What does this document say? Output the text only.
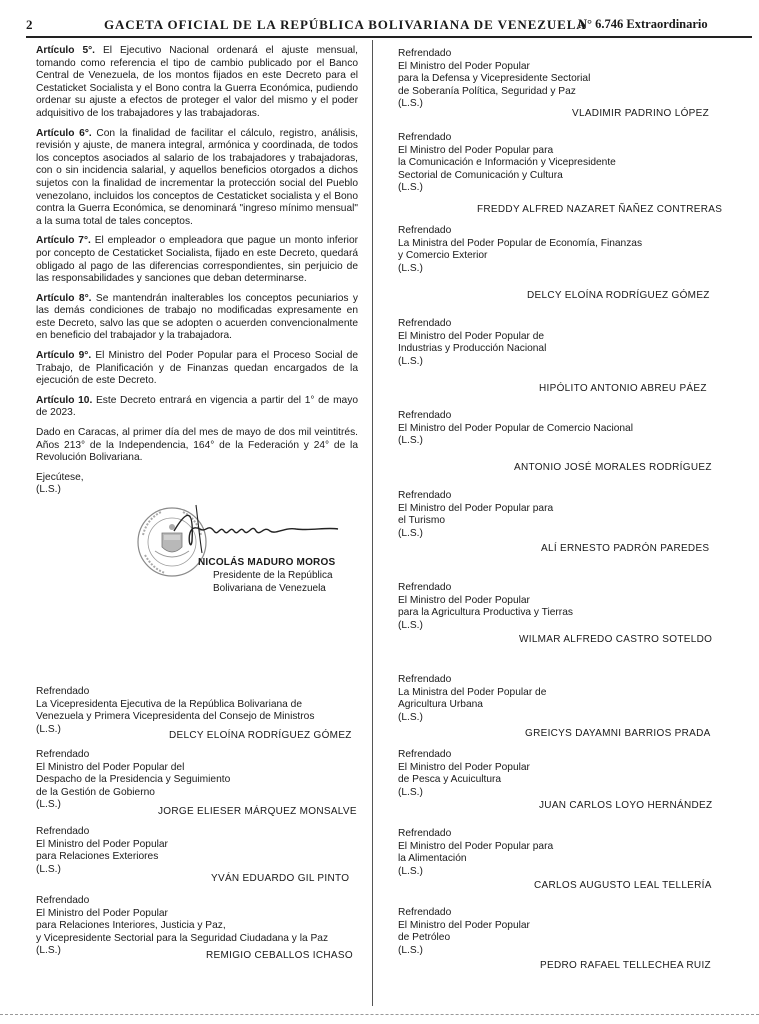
2	GACETA OFICIAL DE LA REPÚBLICA BOLIVARIANA DE VENEZUELA
N° 6.746 Extraordinario

Artículo 5°. El Ejecutivo Nacional ordenará el ajuste mensual, tomando como referencia el tipo de cambio publicado por el Banco Central de Venezuela, de los montos fijados en este Decreto para el Cestaticket Socialista y el Bono contra la Guerra Económica, pudiendo ordenar su ajuste a efectos de proteger el valor del mismo y el poder adquisitivo de los trabajadores y las trabajadoras.

Artículo 6°. Con la finalidad de facilitar el cálculo, registro, análisis, revisión y ajuste, de manera integral, armónica y coordinada, de todos los conceptos asociados al salario de los trabajadores y trabajadoras, con o sin incidencia salarial, y aquellos beneficios otorgados a dichos sujetos con la finalidad de incrementar la protección social del Pueblo venezolano, incluidos los conceptos de Cestaticket socialista y el Bono contra la Guerra Económica, se denominará "ingreso mínimo mensual" a la suma total de tales conceptos.

Artículo 7°. El empleador o empleadora que pague un monto inferior por concepto de Cestaticket Socialista, fijado en este Decreto, quedará obligado al pago de las diferencias correspondientes, sin perjuicio de las responsabilidades y sanciones que deban determinarse.

Artículo 8°. Se mantendrán inalterables los conceptos pecuniarios y las demás condiciones de trabajo no modificadas expresamente en este Decreto, salvo las que se adopten o acuerden convencionalmente en beneficio del trabajador y la trabajadora.

Artículo 9°. El Ministro del Poder Popular para el Proceso Social de Trabajo, de Planificación y de Finanzas quedan encargados de la ejecución de este Decreto.

Artículo 10. Este Decreto entrará en vigencia a partir del 1° de mayo de 2023.

Dado en Caracas, al primer día del mes de mayo de dos mil veintitrés. Años 213° de la Independencia, 164° de la Federación y 24° de la Revolución Bolivariana.

Ejecútese,
(L.S.)
NICOLÁS MADURO MOROS
Presidente de la República
Bolivariana de Venezuela
Refrendado
La Vicepresidenta Ejecutiva de la República Bolivariana de
Venezuela y Primera Vicepresidenta del Consejo de Ministros
(L.S.)
DELCY ELOÍNA RODRÍGUEZ GÓMEZ
Refrendado
El Ministro del Poder Popular del
Despacho de la Presidencia y Seguimiento
de la Gestión de Gobierno
(L.S.)
JORGE ELIESER MÁRQUEZ MONSALVE
Refrendado
El Ministro del Poder Popular
para Relaciones Exteriores
(L.S.)
YVÁN EDUARDO GIL PINTO
Refrendado
El Ministro del Poder Popular
para Relaciones Interiores, Justicia y Paz,
y Vicepresidente Sectorial para la Seguridad Ciudadana y la Paz
(L.S.)	REMIGIO CEBALLOS ICHASO
Refrendado
El Ministro del Poder Popular
para la Defensa y Vicepresidente Sectorial
de Soberanía Política, Seguridad y Paz
(L.S.)
VLADIMIR PADRINO LÓPEZ
Refrendado
El Ministro del Poder Popular para
la Comunicación e Información y Vicepresidente
Sectorial de Comunicación y Cultura
(L.S.)
FREDDY ALFRED NAZARET ÑAÑEZ CONTRERAS
Refrendado
La Ministra del Poder Popular de Economía, Finanzas
y Comercio Exterior
(L.S.)
DELCY ELOÍNA RODRÍGUEZ GÓMEZ
Refrendado
El Ministro del Poder Popular de
Industrias y Producción Nacional
(L.S.)
HIPÓLITO ANTONIO ABREU PÁEZ
Refrendado
El Ministro del Poder Popular de Comercio Nacional
(L.S.)
ANTONIO JOSÉ MORALES RODRÍGUEZ
Refrendado
El Ministro del Poder Popular para
el Turismo
(L.S.)
ALÍ ERNESTO PADRÓN PAREDES
Refrendado
El Ministro del Poder Popular
para la Agricultura Productiva y Tierras
(L.S.)
WILMAR ALFREDO CASTRO SOTELDO
Refrendado
La Ministra del Poder Popular de
Agricultura Urbana
(L.S.)
GREICYS DAYAMNI BARRIOS PRADA
Refrendado
El Ministro del Poder Popular
de Pesca y Acuicultura
(L.S.)
JUAN CARLOS LOYO HERNÁNDEZ
Refrendado
El Ministro del Poder Popular para
la Alimentación
(L.S.)
CARLOS AUGUSTO LEAL TELLERÍA
Refrendado
El Ministro del Poder Popular
de Petróleo
(L.S.)
PEDRO RAFAEL TELLECHEA RUIZ
